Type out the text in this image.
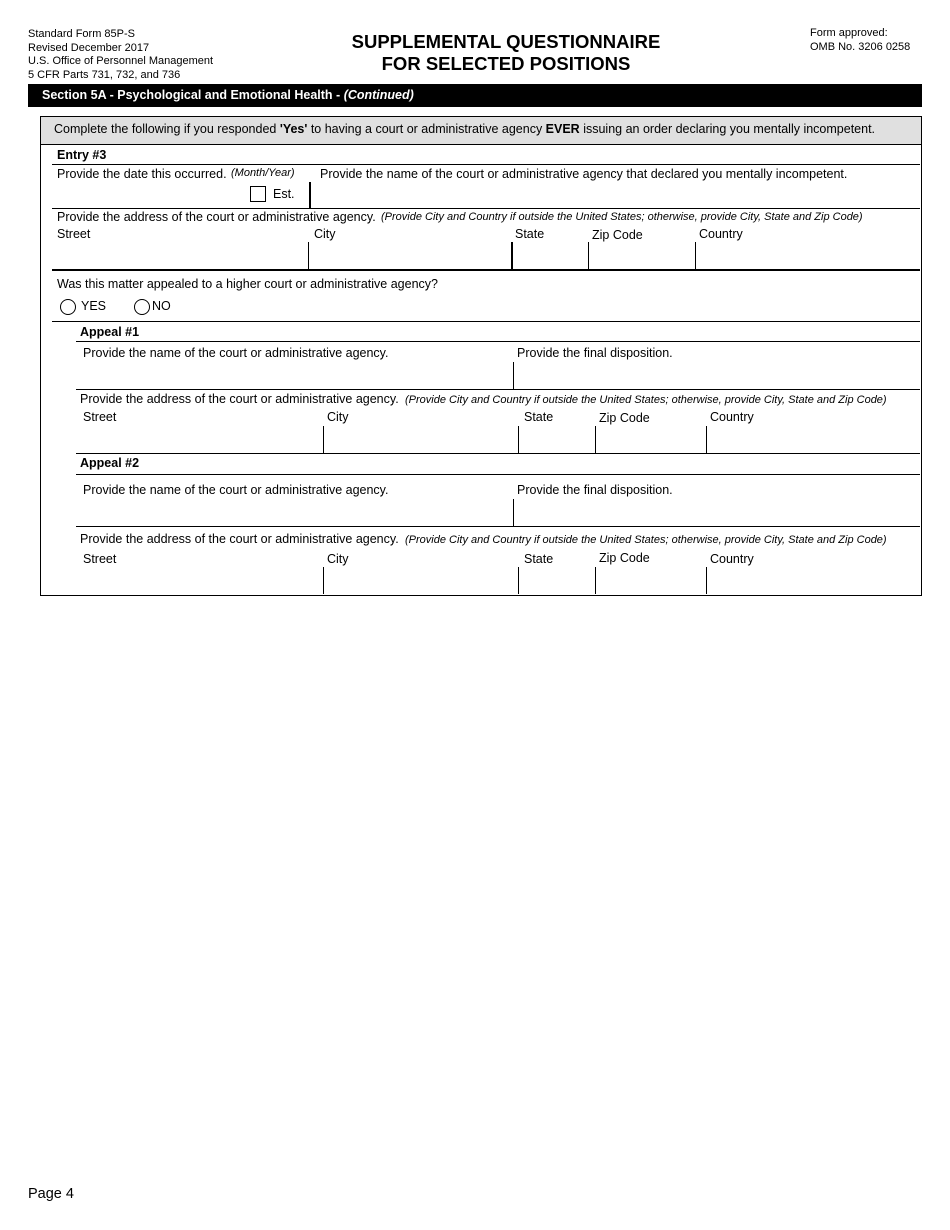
Standard Form 85P-S
Revised December 2017
U.S. Office of Personnel Management
5 CFR Parts 731, 732, and 736
SUPPLEMENTAL QUESTIONNAIRE
FOR SELECTED POSITIONS
Form approved:
OMB No. 3206 0258
Section 5A - Psychological and Emotional Health - (Continued)
Complete the following if you responded 'Yes' to having a court or administrative agency EVER issuing an order declaring you mentally incompetent.
Entry #3
Provide the date this occurred. (Month/Year)
Est.
Provide the name of the court or administrative agency that declared you mentally incompetent.
Provide the address of the court or administrative agency. (Provide City and Country if outside the United States; otherwise, provide City, State and Zip Code)
Street	City	State	Zip Code	Country
Was this matter appealed to a higher court or administrative agency?
YES	NO
Appeal #1
Provide the name of the court or administrative agency.	Provide the final disposition.
Provide the address of the court or administrative agency. (Provide City and Country if outside the United States; otherwise, provide City, State and Zip Code)
Street	City	State	Zip Code	Country
Appeal #2
Provide the name of the court or administrative agency.	Provide the final disposition.
Provide the address of the court or administrative agency. (Provide City and Country if outside the United States; otherwise, provide City, State and Zip Code)
Street	City	State	Zip Code	Country
Page 4
